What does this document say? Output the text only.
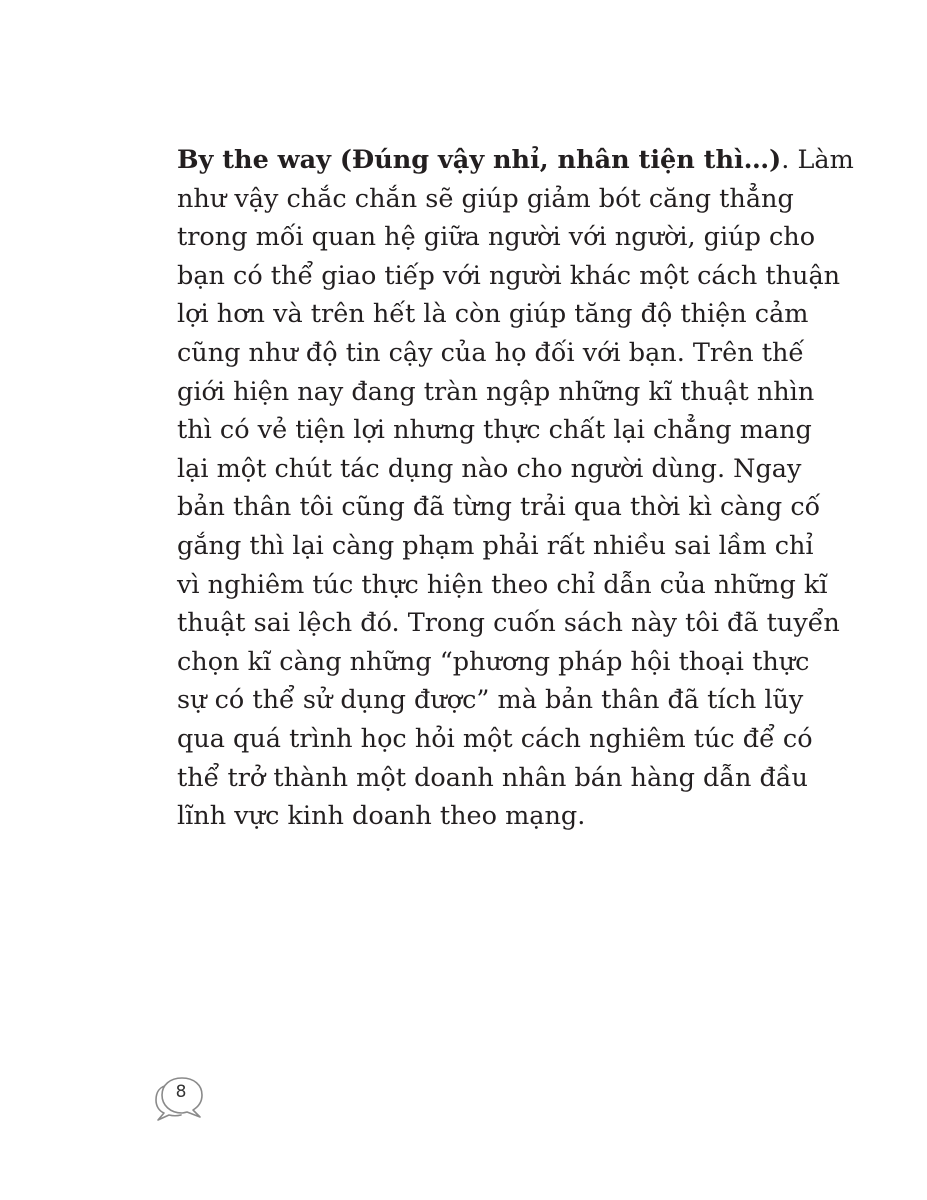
By the way (Đúng vậy nhỉ, nhân tiện thì…). Làm
như vậy chắc chắn sẽ giúp giảm bót căng thẳng
trong mối quan hệ giữa người với người, giúp cho
bạn có thể giao tiếp với người khác một cách thuận
lợi hơn và trên hết là còn giúp tăng độ thiện cảm
cũng như độ tin cậy của họ đối với bạn. Trên thế
giới hiện nay đang tràn ngập những kĩ thuật nhìn
thì có vẻ tiện lợi nhưng thực chất lại chẳng mang
lại một chút tác dụng nào cho người dùng. Ngay
bản thân tôi cũng đã từng trải qua thời kì càng cố
gắng thì lại càng phạm phải rất nhiều sai lầm chỉ
vì nghiêm túc thực hiện theo chỉ dẫn của những kĩ
thuật sai lệch đó. Trong cuốn sách này tôi đã tuyển
chọn kĩ càng những “phương pháp hội thoại thực
sự có thể sử dụng được” mà bản thân đã tích lũy
qua quá trình học hỏi một cách nghiêm túc để có
thể trở thành một doanh nhân bán hàng dẫn đầu
lĩnh vực kinh doanh theo mạng.
8
